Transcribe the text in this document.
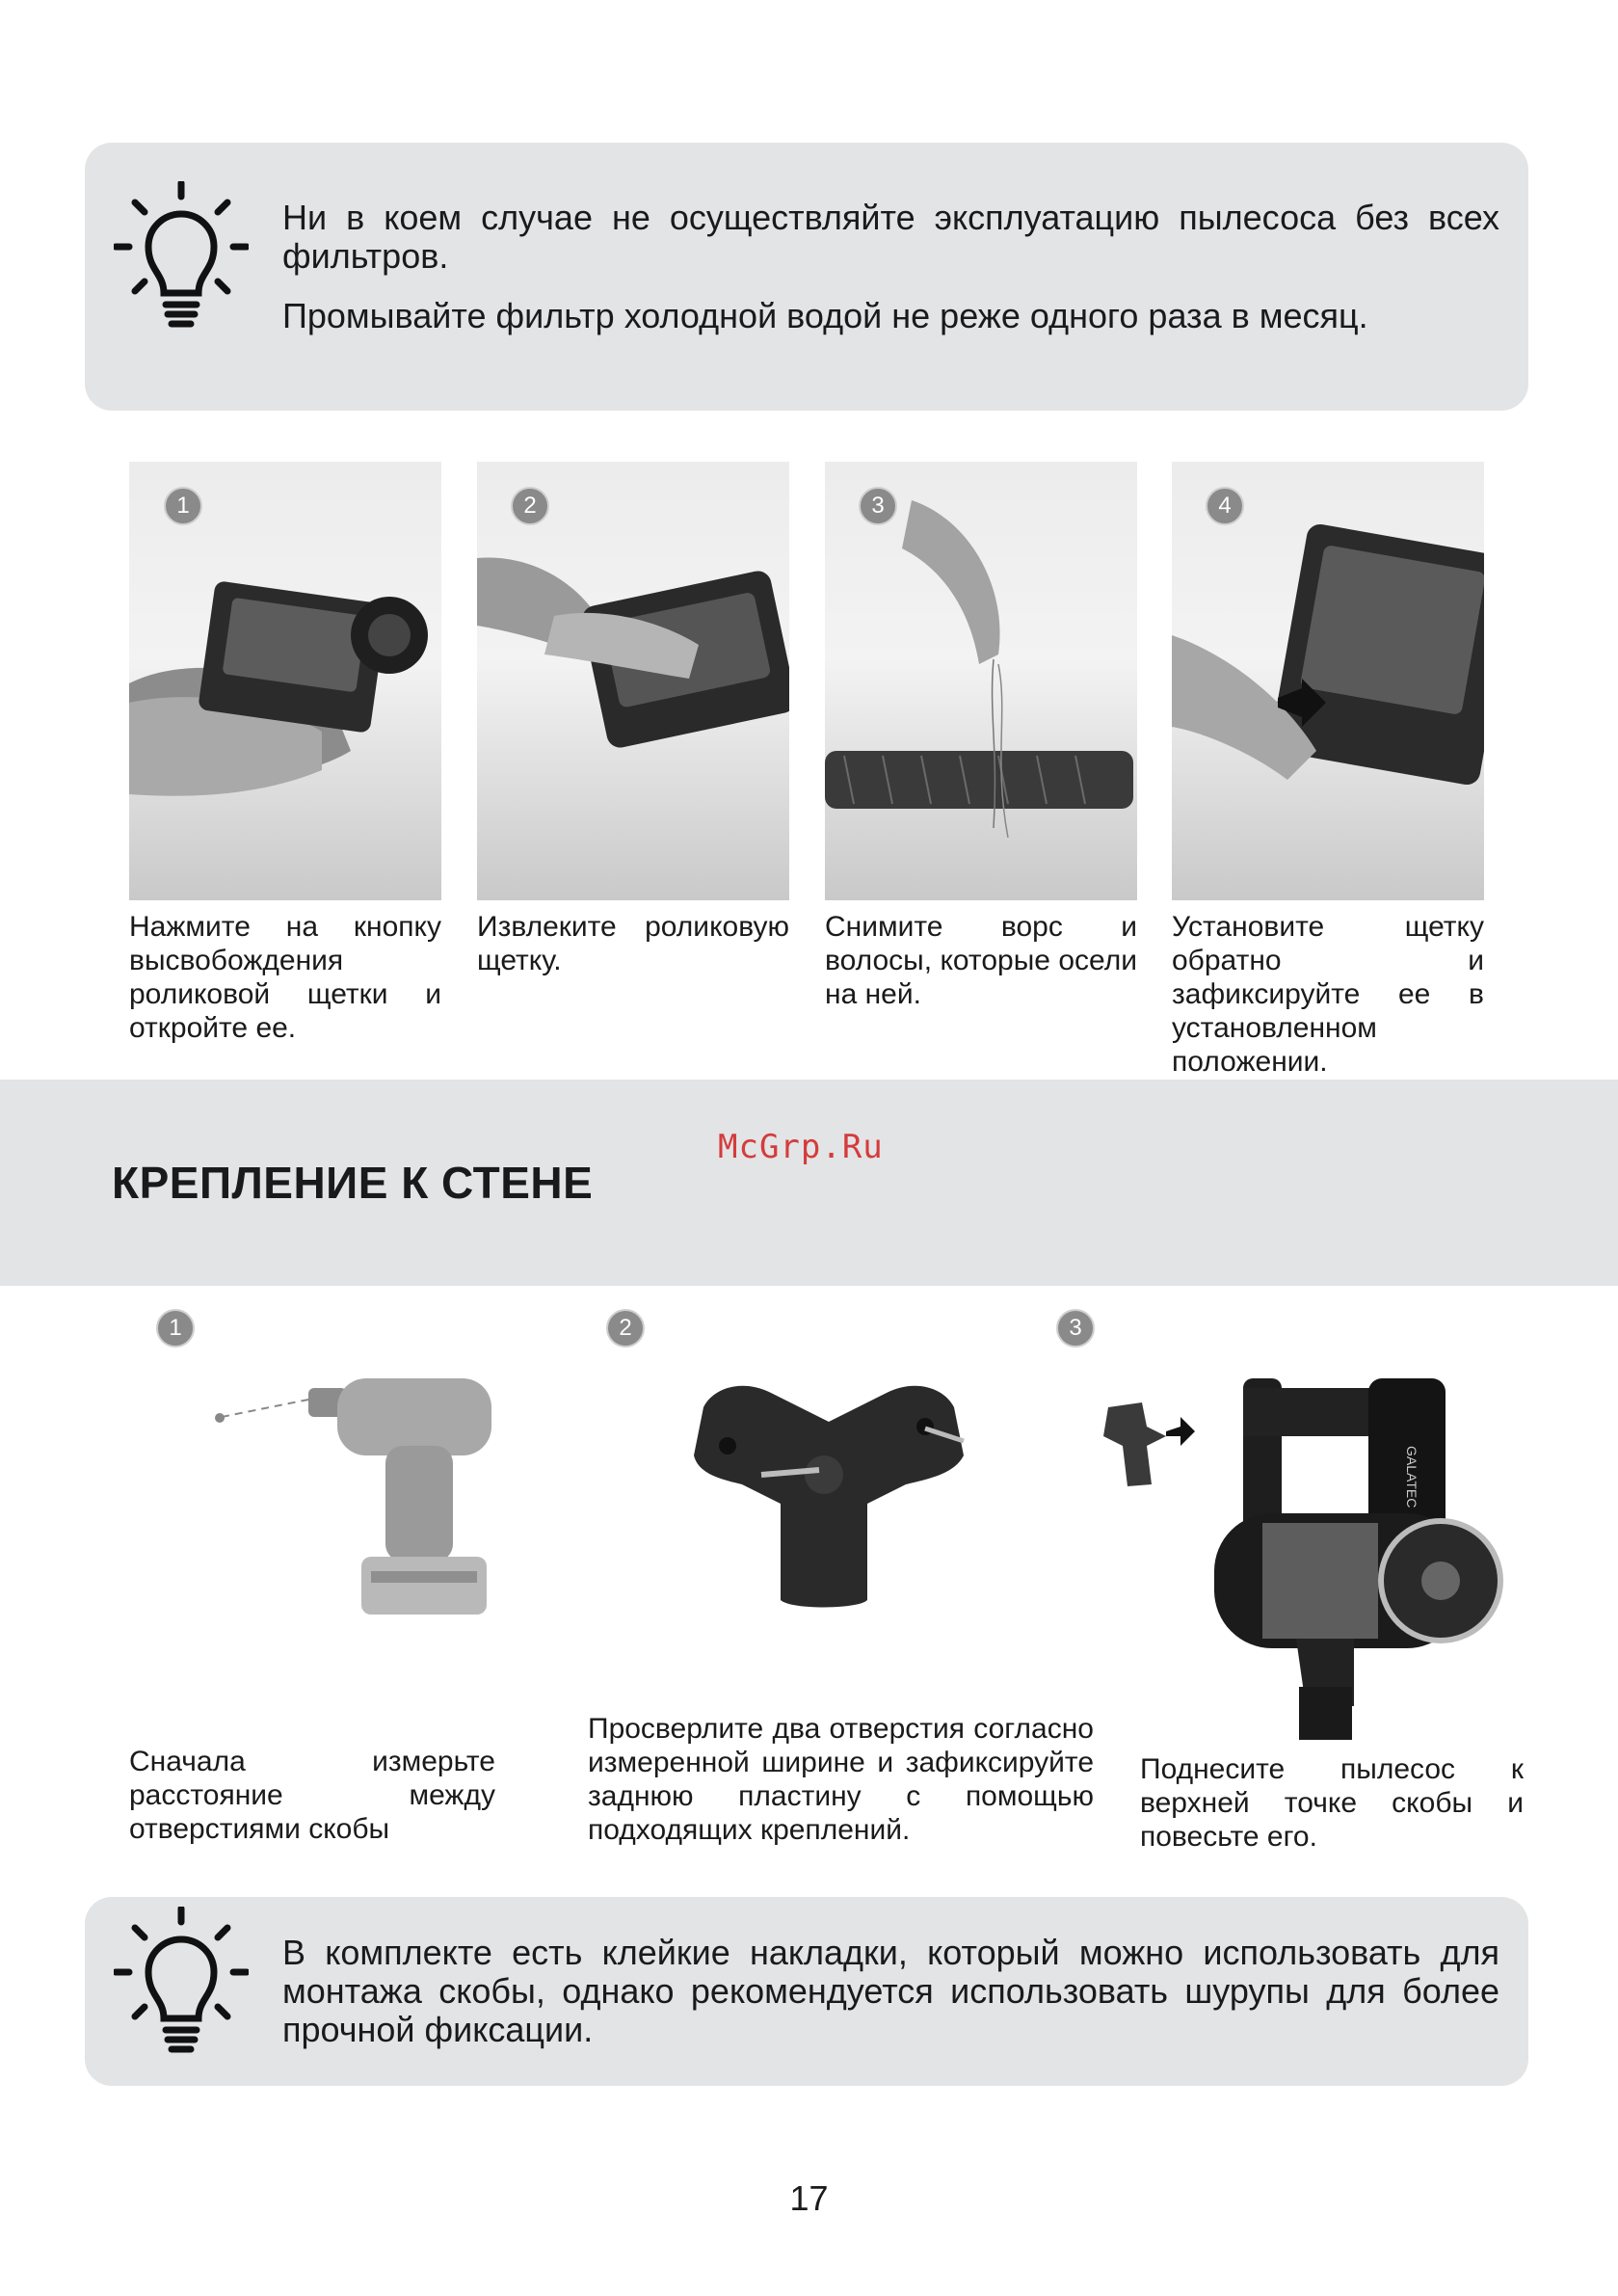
Ни в коем случае не осуществляйте эксплуатацию пылесоса без всех фильтров.

Промывайте фильтр холодной водой не реже одного раза в месяц.

1

Нажмите на кнопку высвобождения роликовой щетки и откройте ее.

2

Извлеките роликовую щетку.

3

Снимите ворс и волосы, которые осели на ней.

4

Установите щетку обратно и зафиксируйте ее в установленном положении.

McGrp.Ru
КРЕПЛЕНИЕ К СТЕНЕ
1	2	3
GALATEC

Сначала измерьте расстояние между отверстиями скобы

Просверлите два отверстия согласно измеренной ширине и зафиксируйте заднюю пластину с помощью подходящих креплений.

Поднесите пылесос к верхней точке скобы и повесьте его.

В комплекте есть клейкие накладки, который можно использовать для монтажа скобы, однако рекомендуется использовать шурупы для более прочной фиксации.

17
